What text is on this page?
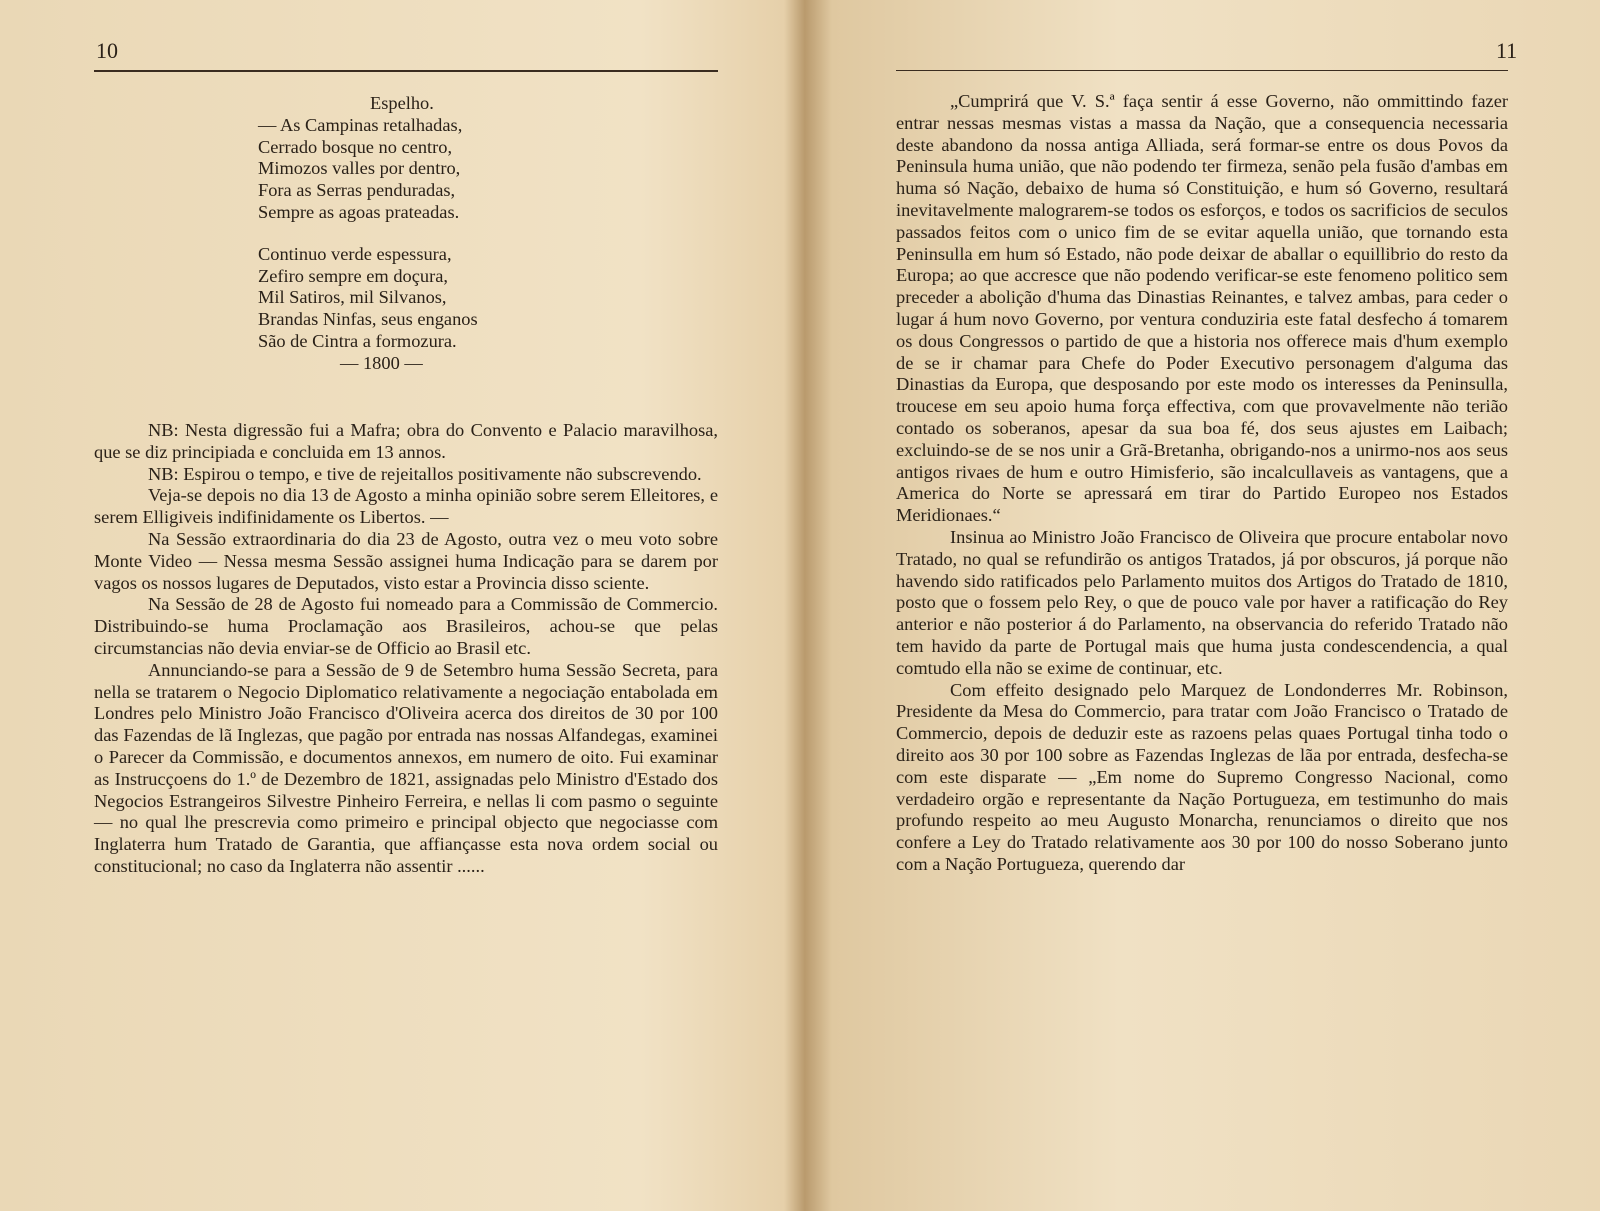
10
Espelho.
— As Campinas retalhadas,
Cerrado bosque no centro,
Mimozos valles por dentro,
Fora as Serras penduradas,
Sempre as agoas prateadas.
Continuo verde espessura,
Zefiro sempre em doçura,
Mil Satiros, mil Silvanos,
Brandas Ninfas, seus enganos
São de Cintra a formozura.
— 1800 —

NB: Nesta digressão fui a Mafra; obra do Convento e Palacio maravilhosa, que se diz principiada e concluida em 13 annos.

NB: Espirou o tempo, e tive de rejeitallos positivamente não subscrevendo.

Veja-se depois no dia 13 de Agosto a minha opinião sobre serem Elleitores, e serem Elligiveis indifinidamente os Libertos. —

Na Sessão extraordinaria do dia 23 de Agosto, outra vez o meu voto sobre Monte Video — Nessa mesma Sessão assignei huma Indicação para se darem por vagos os nossos lugares de Deputados, visto estar a Provincia disso sciente.

Na Sessão de 28 de Agosto fui nomeado para a Commissão de Commercio. Distribuindo-se huma Proclamação aos Brasileiros, achou-se que pelas circumstancias não devia enviar-se de Officio ao Brasil etc.

Annunciando-se para a Sessão de 9 de Setembro huma Sessão Secreta, para nella se tratarem o Negocio Diplomatico relativamente a negociação entabolada em Londres pelo Ministro João Francisco d'Oliveira acerca dos direitos de 30 por 100 das Fazendas de lã Inglezas, que pagão por entrada nas nossas Alfandegas, examinei o Parecer da Commissão, e documentos annexos, em numero de oito. Fui examinar as Instrucçoens do 1.º de Dezembro de 1821, assignadas pelo Ministro d'Estado dos Negocios Estrangeiros Silvestre Pinheiro Ferreira, e nellas li com pasmo o seguinte — no qual lhe prescrevia como primeiro e principal objecto que negociasse com Inglaterra hum Tratado de Garantia, que affiançasse esta nova ordem social ou constitucional; no caso da Inglaterra não assentir ......

11

„Cumprirá que V. S.ª faça sentir á esse Governo, não ommittindo fazer entrar nessas mesmas vistas a massa da Nação, que a consequencia necessaria deste abandono da nossa antiga Alliada, será formar-se entre os dous Povos da Peninsula huma união, que não podendo ter firmeza, senão pela fusão d'ambas em huma só Nação, debaixo de huma só Constituição, e hum só Governo, resultará inevitavelmente malograrem-se todos os esforços, e todos os sacrificios de seculos passados feitos com o unico fim de se evitar aquella união, que tornando esta Peninsulla em hum só Estado, não pode deixar de aballar o equillibrio do resto da Europa; ao que accresce que não podendo verificar-se este fenomeno politico sem preceder a abolição d'huma das Dinastias Reinantes, e talvez ambas, para ceder o lugar á hum novo Governo, por ventura conduziria este fatal desfecho á tomarem os dous Congressos o partido de que a historia nos offerece mais d'hum exemplo de se ir chamar para Chefe do Poder Executivo personagem d'alguma das Dinastias da Europa, que desposando por este modo os interesses da Peninsulla, troucese em seu apoio huma força effectiva, com que provavelmente não terião contado os soberanos, apesar da sua boa fé, dos seus ajustes em Laibach; excluindo-se de se nos unir a Grã-Bretanha, obrigando-nos a unirmo-nos aos seus antigos rivaes de hum e outro Himisferio, são incalcullaveis as vantagens, que a America do Norte se apressará em tirar do Partido Europeo nos Estados Meridionaes.“

Insinua ao Ministro João Francisco de Oliveira que procure entabolar novo Tratado, no qual se refundirão os antigos Tratados, já por obscuros, já porque não havendo sido ratificados pelo Parlamento muitos dos Artigos do Tratado de 1810, posto que o fossem pelo Rey, o que de pouco vale por haver a ratificação do Rey anterior e não posterior á do Parlamento, na observancia do referido Tratado não tem havido da parte de Portugal mais que huma justa condescendencia, a qual comtudo ella não se exime de continuar, etc.

Com effeito designado pelo Marquez de Londonderres Mr. Robinson, Presidente da Mesa do Commercio, para tratar com João Francisco o Tratado de Commercio, depois de deduzir este as razoens pelas quaes Portugal tinha todo o direito aos 30 por 100 sobre as Fazendas Inglezas de lãa por entrada, desfecha-se com este disparate — „Em nome do Supremo Congresso Nacional, como verdadeiro orgão e representante da Nação Portugueza, em testimunho do mais profundo respeito ao meu Augusto Monarcha, renunciamos o direito que nos confere a Ley do Tratado relativamente aos 30 por 100 do nosso Soberano junto com a Nação Portugueza, querendo dar
